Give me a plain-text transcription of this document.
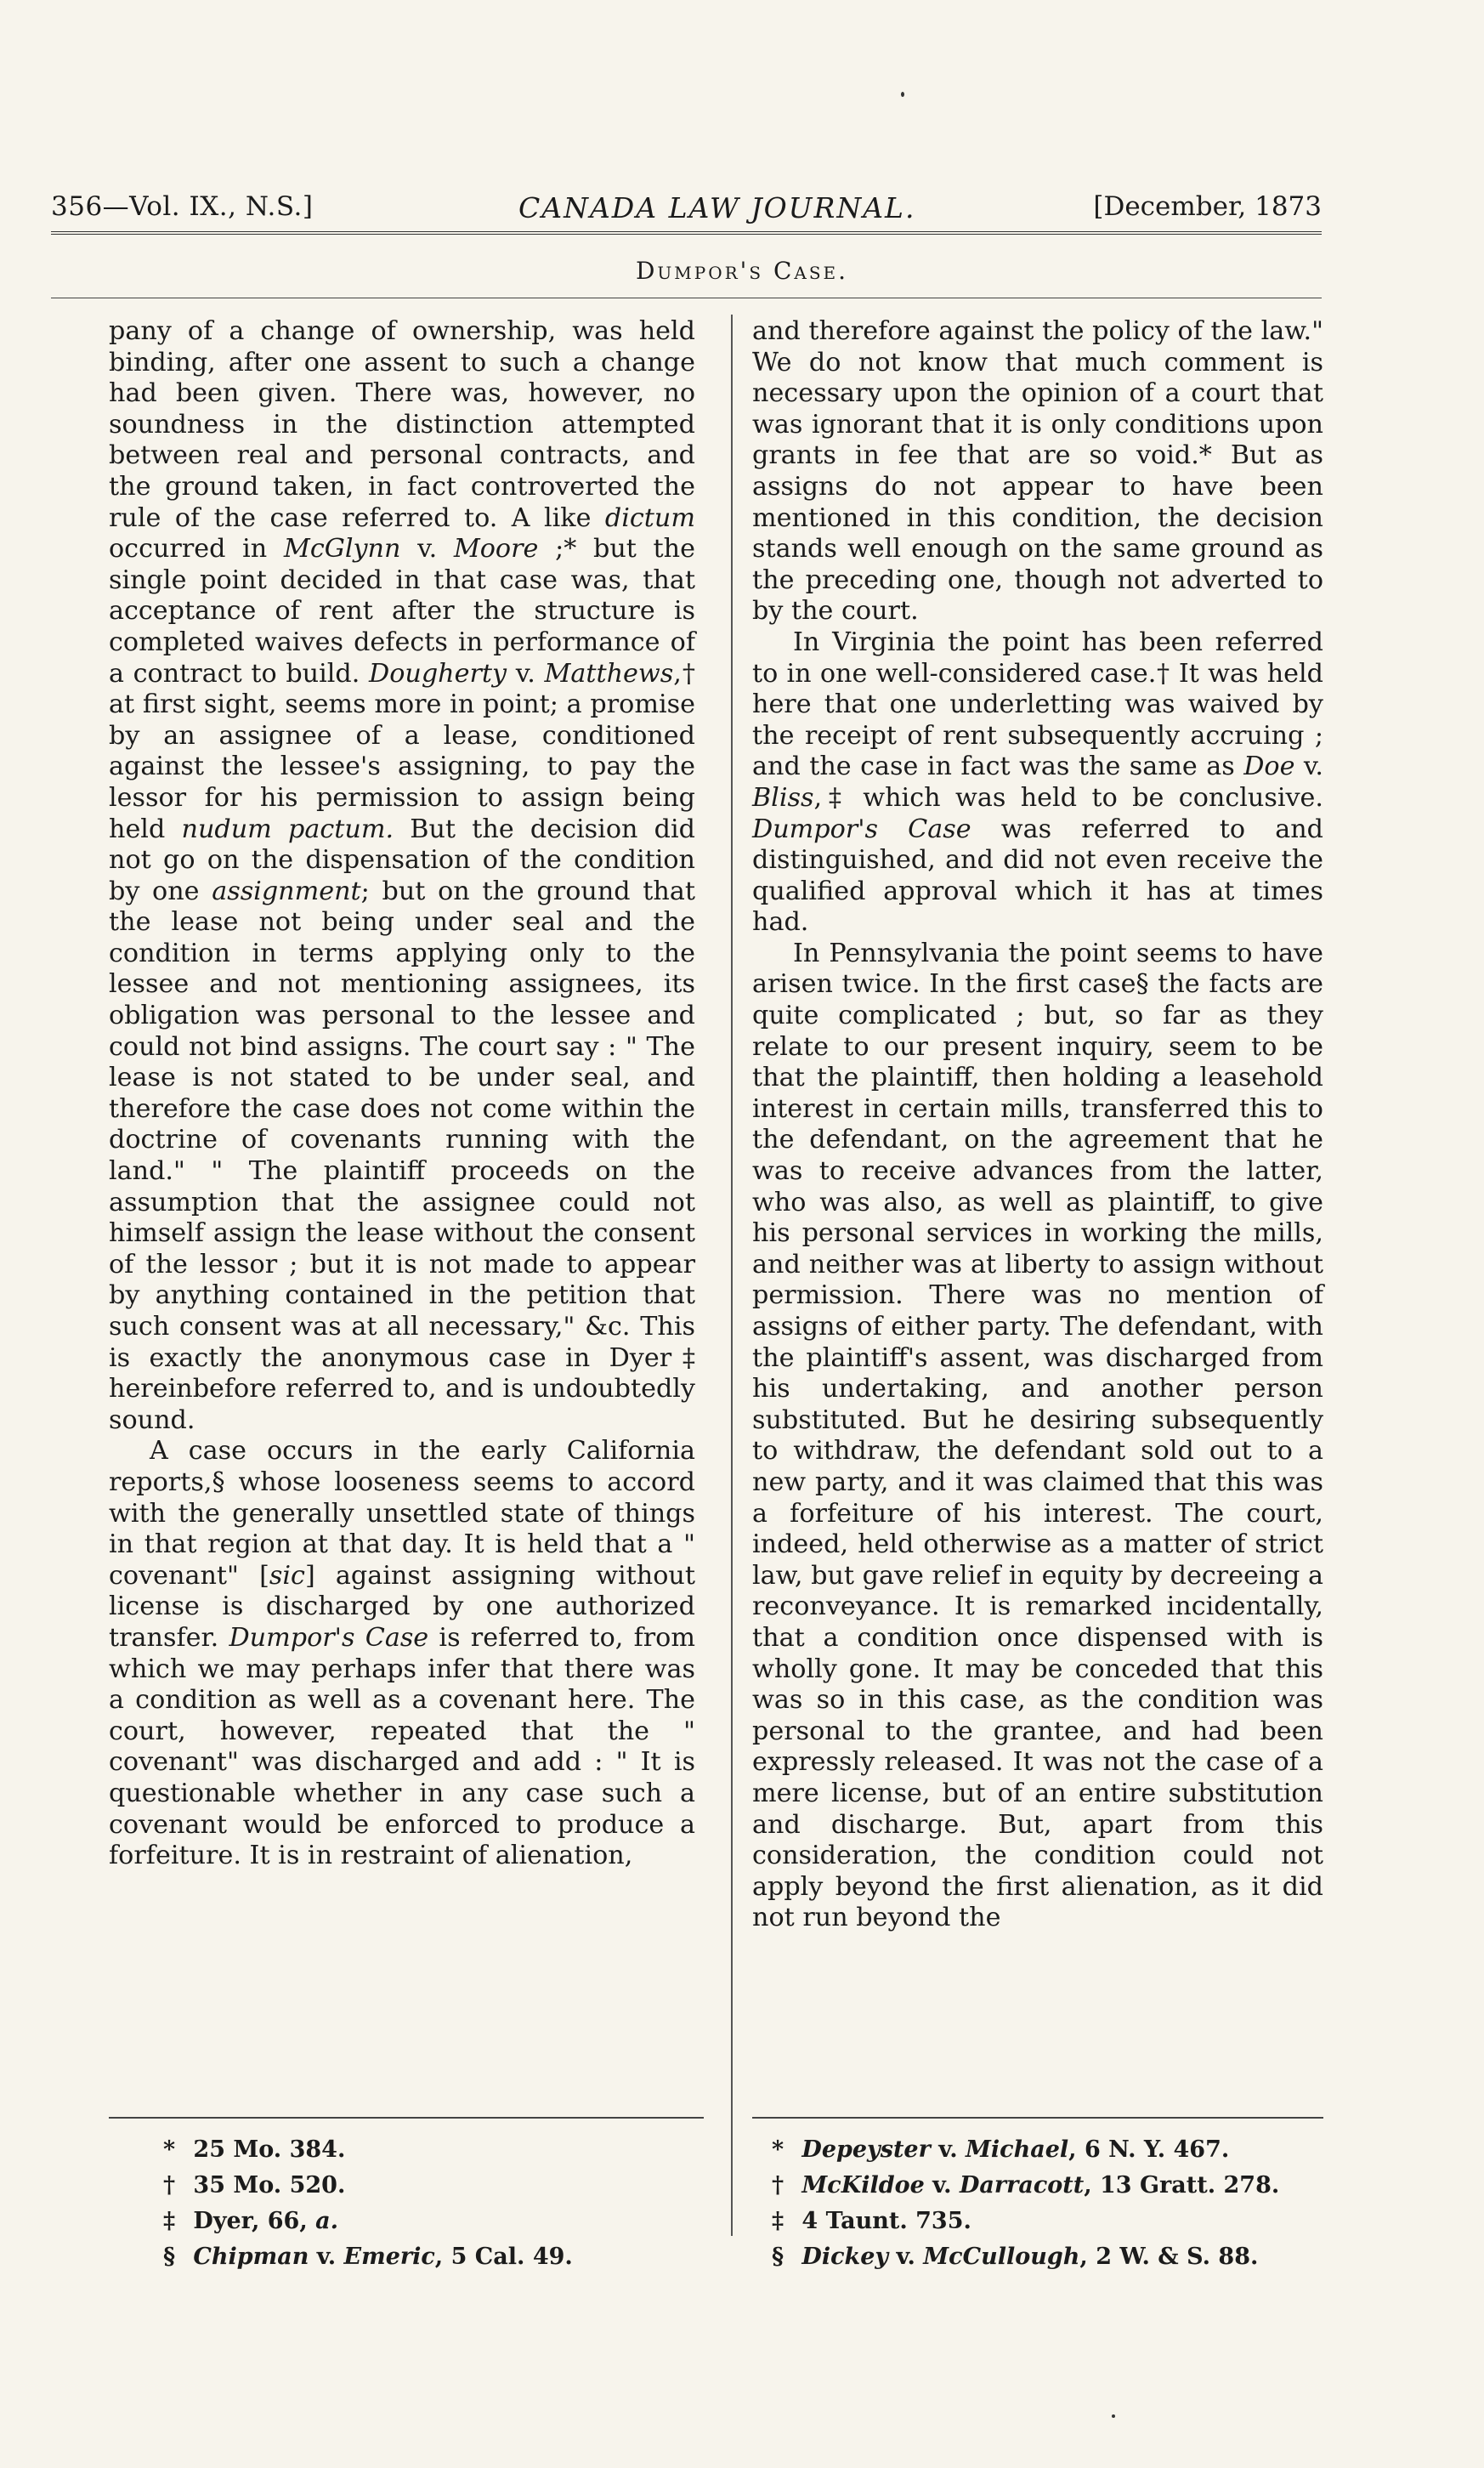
356—Vol. IX., N.S.]	CANADA LAW JOURNAL.	[December, 1873
Dumpor's Case.

pany of a change of ownership, was held binding, after one assent to such a change had been given. There was, however, no soundness in the distinction attempted between real and personal contracts, and the ground taken, in fact controverted the rule of the case referred to. A like dictum occurred in McGlynn v. Moore ;* but the single point decided in that case was, that acceptance of rent after the structure is completed waives defects in performance of a contract to build. Dougherty v. Matthews,† at first sight, seems more in point; a promise by an assignee of a lease, conditioned against the lessee's assigning, to pay the lessor for his permission to assign being held nudum pactum. But the decision did not go on the dispensation of the condition by one assignment; but on the ground that the lease not being under seal and the condition in terms applying only to the lessee and not mentioning assignees, its obligation was personal to the lessee and could not bind assigns. The court say : " The lease is not stated to be under seal, and therefore the case does not come within the doctrine of covenants running with the land." " The plaintiff proceeds on the assumption that the assignee could not himself assign the lease without the consent of the lessor ; but it is not made to appear by anything contained in the petition that such consent was at all necessary," &c. This is exactly the anonymous case in Dyer‡ hereinbefore referred to, and is undoubtedly sound.

A case occurs in the early California reports,§ whose looseness seems to accord with the generally unsettled state of things in that region at that day. It is held that a " covenant" [sic] against assigning without license is discharged by one authorized transfer. Dumpor's Case is referred to, from which we may perhaps infer that there was a condition as well as a covenant here. The court, however, repeated that the " covenant" was discharged and add : " It is questionable whether in any case such a covenant would be enforced to produce a forfeiture. It is in restraint of alienation,

and therefore against the policy of the law." We do not know that much comment is necessary upon the opinion of a court that was ignorant that it is only conditions upon grants in fee that are so void.* But as assigns do not appear to have been mentioned in this condition, the decision stands well enough on the same ground as the preceding one, though not adverted to by the court.

In Virginia the point has been referred to in one well-considered case.† It was held here that one underletting was waived by the receipt of rent subsequently accruing ; and the case in fact was the same as Doe v. Bliss,‡ which was held to be conclusive. Dumpor's Case was referred to and distinguished, and did not even receive the qualified approval which it has at times had.

In Pennsylvania the point seems to have arisen twice. In the first case§ the facts are quite complicated ; but, so far as they relate to our present inquiry, seem to be that the plaintiff, then holding a leasehold interest in certain mills, transferred this to the defendant, on the agreement that he was to receive advances from the latter, who was also, as well as plaintiff, to give his personal services in working the mills, and neither was at liberty to assign without permission. There was no mention of assigns of either party. The defendant, with the plaintiff's assent, was discharged from his undertaking, and another person substituted. But he desiring subsequently to withdraw, the defendant sold out to a new party, and it was claimed that this was a forfeiture of his interest. The court, indeed, held otherwise as a matter of strict law, but gave relief in equity by decreeing a reconveyance. It is remarked incidentally, that a condition once dispensed with is wholly gone. It may be conceded that this was so in this case, as the condition was personal to the grantee, and had been expressly released. It was not the case of a mere license, but of an entire substitution and discharge. But, apart from this consideration, the condition could not apply beyond the first alienation, as it did not run beyond the

* 25 Mo. 384.
† 35 Mo. 520.
‡ Dyer, 66, a.
§ Chipman v. Emeric, 5 Cal. 49.
* Depeyster v. Michael, 6 N. Y. 467.
† McKildoe v. Darracott, 13 Gratt. 278.
‡ 4 Taunt. 735.
§ Dickey v. McCullough, 2 W. & S. 88.
